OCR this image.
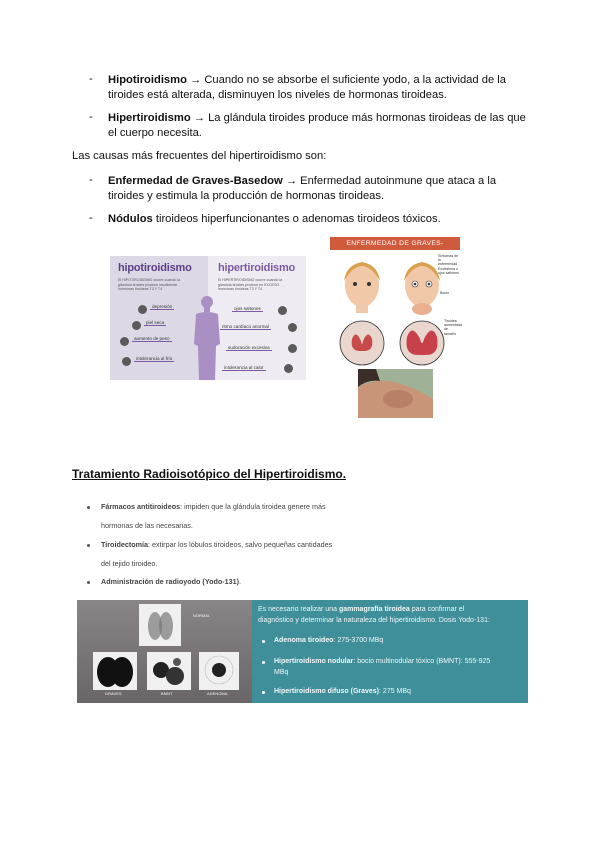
- Hipotiroidismo → Cuando no se absorbe el suficiente yodo, a la actividad de la
tiroides está alterada, disminuyen los niveles de hormonas tiroideas.
- Hipertiroidismo → La glándula tiroides produce más hormonas tiroideas de las que
el cuerpo necesita.
Las causas más frecuentes del hipertiroidismo son:
- Enfermedad de Graves-Basedow → Enfermedad autoinmune que ataca a la
tiroides y estimula la producción de hormonas tiroideas.
- Nódulos tiroideos hiperfuncionantes o adenomas tiroideos tóxicos.
hipotiroidismo hipertiroidismo
El HIPOTIROIDISMO ocurre cuando la glándula tiroides produce insuficiente hormonas tiroideas T3 Y T4
El HIPERTIROIDISMO ocurre cuando la glándula tiroides produce en EXCESO hormonas tiroideas T3 Y T4
depresión
piel seca
aumento de peso
intolerancia al frío
ojos saltones
ritmo cardíaco anormal
sudoración excesiva
intolerancia al calor
ENFERMEDAD DE GRAVES-BASEDOW	Síntomas de la enfermedad
Exoftalmía o ojos saltones
Bocio
Tiroides aumentada de tamaño
Tratamiento Radioisotópico del Hipertiroidismo.
Fármacos antitiroideos: impiden que la glándula tiroidea genere más
hormonas de las necesarias.
Tiroidectomía: extirpar los lóbulos tiroideos, salvo pequeñas cantidades
del tejido tiroideo.
Administración de radioyodo (Yodo-131).
NORMAL
GRAVES	BMNT	ADENOMA
Es necesario realizar una gammagrafía tiroidea para confirmar el
diagnóstico y determinar la naturaleza del hipertiroidismo. Dosis Yodo-131:
Adenoma tiroideo: 275-3700 MBq
Hipertiroidismo nodular: bocio multinodular tóxico (BMNT): 555-925
MBq
Hipertiroidismo difuso (Graves): 275 MBq
